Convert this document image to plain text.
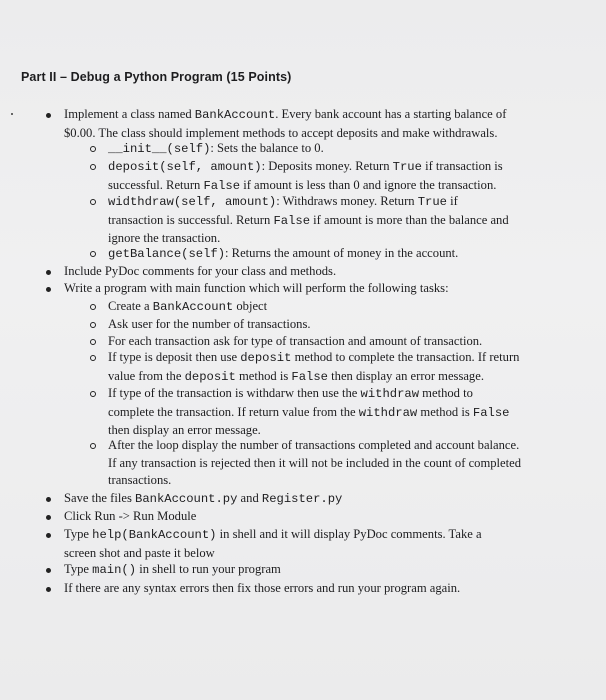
Part II – Debug a Python Program (15 Points)
Implement a class named BankAccount. Every bank account has a starting balance of
$0.00. The class should implement methods to accept deposits and make withdrawals.
__init__(self): Sets the balance to 0.
deposit(self, amount): Deposits money. Return True if transaction is
successful. Return False if amount is less than 0 and ignore the transaction.
widthdraw(self, amount): Withdraws money. Return True if
transaction is successful. Return False if amount is more than the balance and
ignore the transaction.
getBalance(self): Returns the amount of money in the account.
Include PyDoc comments for your class and methods.
Write a program with main function which will perform the following tasks:
Create a BankAccount object
Ask user for the number of transactions.
For each transaction ask for type of transaction and amount of transaction.
If type is deposit then use deposit method to complete the transaction. If return
value from the deposit method is False then display an error message.
If type of the transaction is withdarw then use the withdraw method to
complete the transaction. If return value from the withdraw method is False
then display an error message.
After the loop display the number of transactions completed and account balance.
If any transaction is rejected then it will not be included in the count of completed
transactions.
Save the files BankAccount.py and Register.py
Click Run -> Run Module
Type help(BankAccount) in shell and it will display PyDoc comments. Take a
screen shot and paste it below
Type main() in shell to run your program
If there are any syntax errors then fix those errors and run your program again.
